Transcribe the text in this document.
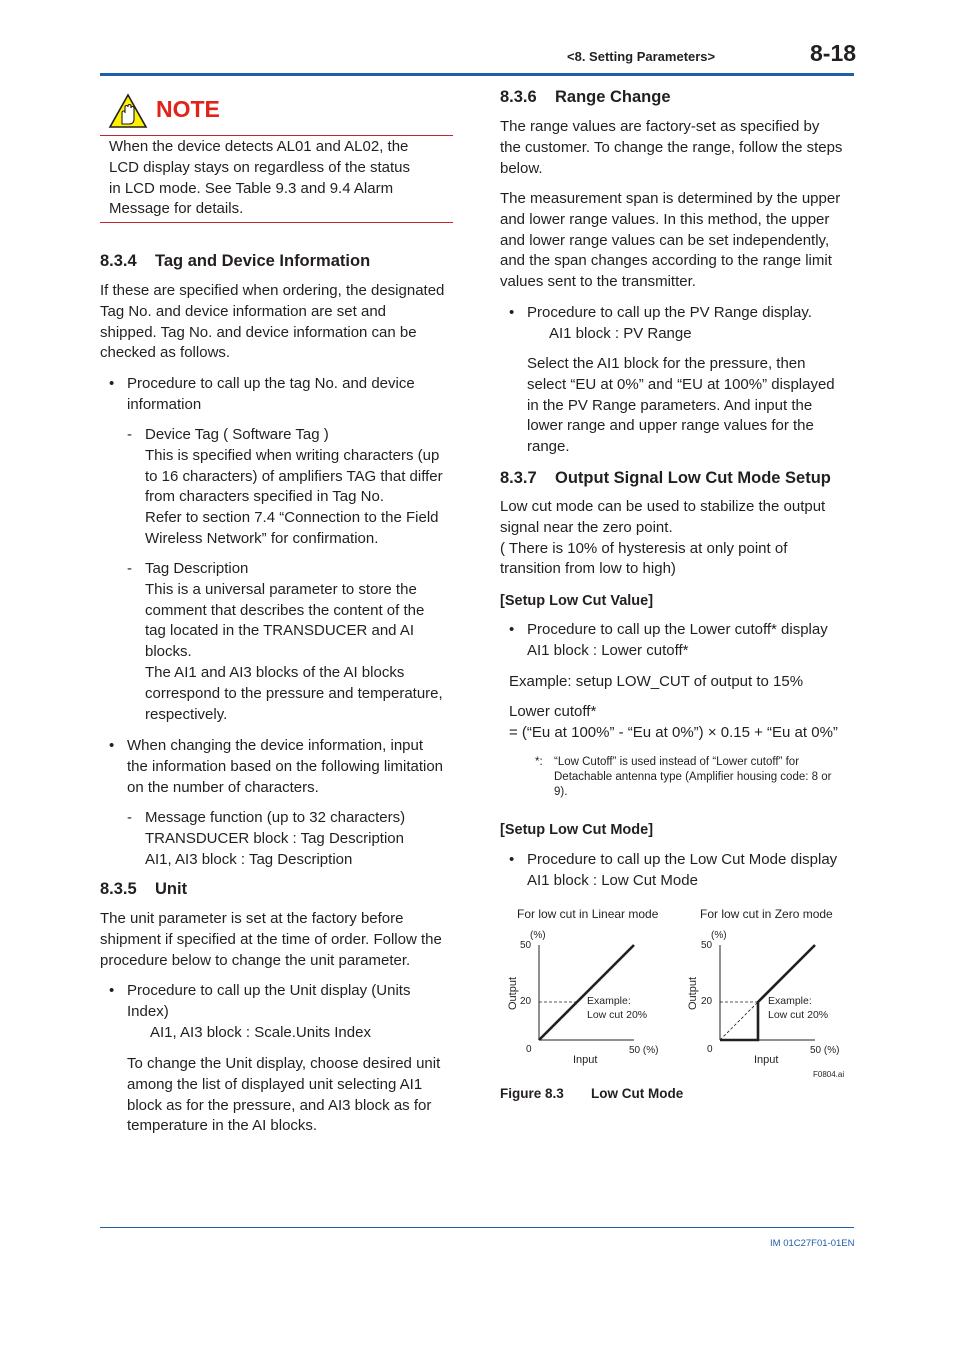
<8. Setting Parameters>	8-18
NOTE
When the device detects AL01 and AL02, the
LCD display stays on regardless of the status
in LCD mode. See Table 9.3 and 9.4 Alarm
Message for details.
8.3.4 Tag and Device Information
If these are specified when ordering, the designated
Tag No. and device information are set and
shipped. Tag No. and device information can be
checked as follows.
• Procedure to call up the tag No. and device
information
- Device Tag ( Software Tag )
This is specified when writing characters (up
to 16 characters) of amplifiers TAG that differ
from characters specified in Tag No.
Refer to section 7.4 “Connection to the Field
Wireless Network” for confirmation.
- Tag Description
This is a universal parameter to store the
comment that describes the content of the
tag located in the TRANSDUCER and AI
blocks.
The AI1 and AI3 blocks of the AI blocks
correspond to the pressure and temperature,
respectively.
• When changing the device information, input
the information based on the following limitation
on the number of characters.
- Message function (up to 32 characters)
TRANSDUCER block : Tag Description
AI1, AI3 block : Tag Description
8.3.5 Unit
The unit parameter is set at the factory before
shipment if specified at the time of order. Follow the
procedure below to change the unit parameter.
• Procedure to call up the Unit display (Units
Index)
AI1, AI3 block : Scale.Units Index
To change the Unit display, choose desired unit
among the list of displayed unit selecting AI1
block as for the pressure, and AI3 block as for
temperature in the AI blocks.
8.3.6 Range Change
The range values are factory-set as specified by
the customer. To change the range, follow the steps
below.
The measurement span is determined by the upper
and lower range values. In this method, the upper
and lower range values can be set independently,
and the span changes according to the range limit
values sent to the transmitter.
• Procedure to call up the PV Range display.
AI1 block : PV Range
Select the AI1 block for the pressure, then
select “EU at 0%” and “EU at 100%” displayed
in the PV Range parameters. And input the
lower range and upper range values for the
range.
8.3.7 Output Signal Low Cut Mode Setup
Low cut mode can be used to stabilize the output
signal near the zero point.
( There is 10% of hysteresis at only point of
transition from low to high)
[Setup Low Cut Value]
• Procedure to call up the Lower cutoff* display
AI1 block : Lower cutoff*
Example: setup LOW_CUT of output to 15%
Lower cutoff*
= (“Eu at 100%” - “Eu at 0%”) × 0.15 + “Eu at 0%”
*: “Low Cutoff” is used instead of “Lower cutoff” for
Detachable antenna type (Amplifier housing code: 8 or
9).
[Setup Low Cut Mode]
• Procedure to call up the Low Cut Mode display
AI1 block : Low Cut Mode
For low cut in Linear mode
(%)
50
20
0	50 (%)
Input
Output	Example:
Low cut 20%
For low cut in Zero mode
(%)
50
20
0	50 (%)
Input
Output	Example:
Low cut 20%
F0804.ai
Figure 8.3 Low Cut Mode
IM 01C27F01-01EN
